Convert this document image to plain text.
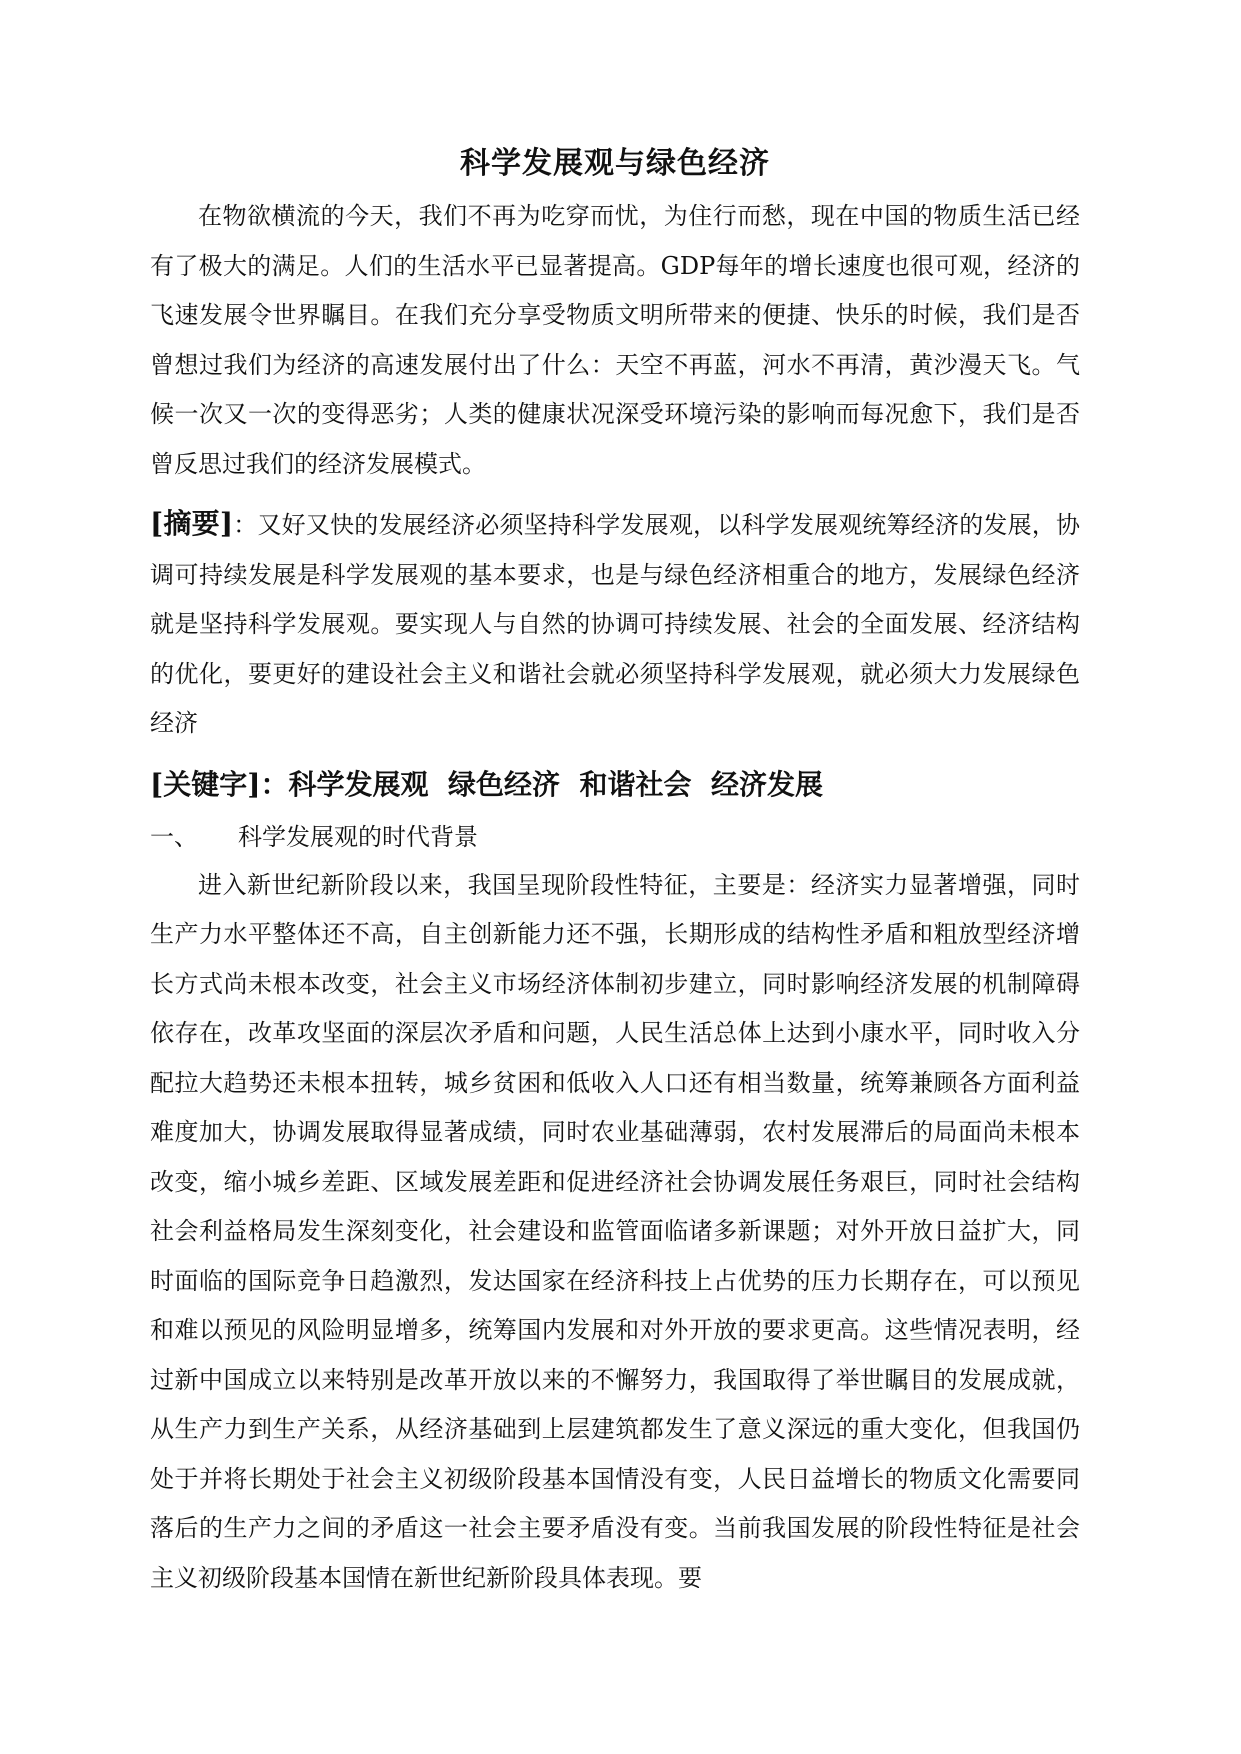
科学发展观与绿色经济

在物欲横流的今天，我们不再为吃穿而忧，为住行而愁，现在中国的物质生活已经有了极大的满足。人们的生活水平已显著提高。GDP每年的增长速度也很可观，经济的飞速发展令世界瞩目。在我们充分享受物质文明所带来的便捷、快乐的时候，我们是否曾想过我们为经济的高速发展付出了什么：天空不再蓝，河水不再清，黄沙漫天飞。气候一次又一次的变得恶劣；人类的健康状况深受环境污染的影响而每况愈下，我们是否曾反思过我们的经济发展模式。

[摘要]：又好又快的发展经济必须坚持科学发展观，以科学发展观统筹经济的发展，协调可持续发展是科学发展观的基本要求，也是与绿色经济相重合的地方，发展绿色经济就是坚持科学发展观。要实现人与自然的协调可持续发展、社会的全面发展、经济结构的优化，要更好的建设社会主义和谐社会就必须坚持科学发展观，就必须大力发展绿色经济

[关键字]：科学发展观  绿色经济  和谐社会  经济发展
一、 科学发展观的时代背景

进入新世纪新阶段以来，我国呈现阶段性特征，主要是：经济实力显著增强，同时生产力水平整体还不高，自主创新能力还不强，长期形成的结构性矛盾和粗放型经济增长方式尚未根本改变，社会主义市场经济体制初步建立，同时影响经济发展的机制障碍依存在，改革攻坚面的深层次矛盾和问题，人民生活总体上达到小康水平，同时收入分配拉大趋势还未根本扭转，城乡贫困和低收入人口还有相当数量，统筹兼顾各方面利益难度加大，协调发展取得显著成绩，同时农业基础薄弱，农村发展滞后的局面尚未根本改变，缩小城乡差距、区域发展差距和促进经济社会协调发展任务艰巨，同时社会结构社会利益格局发生深刻变化，社会建设和监管面临诸多新课题；对外开放日益扩大，同时面临的国际竞争日趋激烈，发达国家在经济科技上占优势的压力长期存在，可以预见和难以预见的风险明显增多，统筹国内发展和对外开放的要求更高。这些情况表明，经过新中国成立以来特别是改革开放以来的不懈努力，我国取得了举世瞩目的发展成就，从生产力到生产关系，从经济基础到上层建筑都发生了意义深远的重大变化，但我国仍处于并将长期处于社会主义初级阶段基本国情没有变，人民日益增长的物质文化需要同落后的生产力之间的矛盾这一社会主要矛盾没有变。当前我国发展的阶段性特征是社会主义初级阶段基本国情在新世纪新阶段具体表现。要
